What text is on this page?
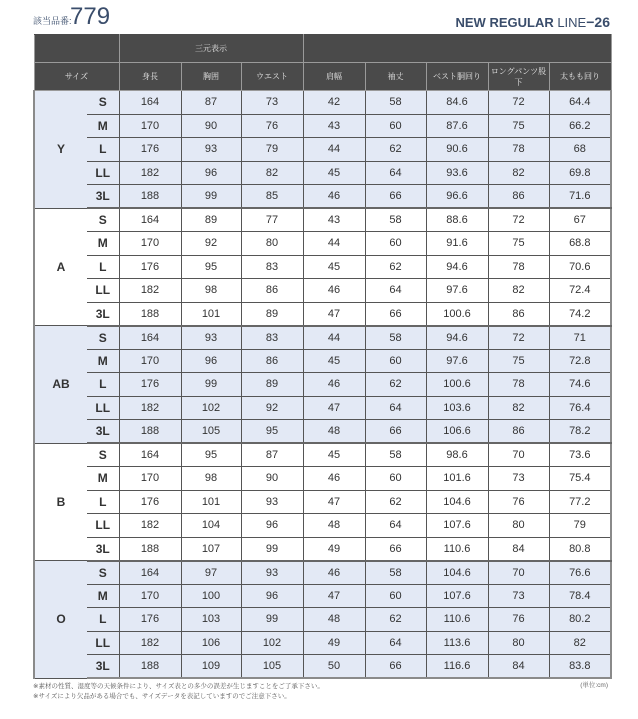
該当品番:
779	NEW REGULAR LINE−26
		三元表示							
サイズ		身長	胸囲	ウエスト	肩幅	袖丈	ベスト胴回り	ロングパンツ股下	太もも回り
Y	S	164	87	73	42	58	84.6	72	64.4
	M	170	90	76	43	60	87.6	75	66.2
	L	176	93	79	44	62	90.6	78	68
	LL	182	96	82	45	64	93.6	82	69.8
	3L	188	99	85	46	66	96.6	86	71.6
A	S	164	89	77	43	58	88.6	72	67
	M	170	92	80	44	60	91.6	75	68.8
	L	176	95	83	45	62	94.6	78	70.6
	LL	182	98	86	46	64	97.6	82	72.4
	3L	188	101	89	47	66	100.6	86	74.2
AB	S	164	93	83	44	58	94.6	72	71
	M	170	96	86	45	60	97.6	75	72.8
	L	176	99	89	46	62	100.6	78	74.6
	LL	182	102	92	47	64	103.6	82	76.4
	3L	188	105	95	48	66	106.6	86	78.2
B	S	164	95	87	45	58	98.6	70	73.6
	M	170	98	90	46	60	101.6	73	75.4
	L	176	101	93	47	62	104.6	76	77.2
	LL	182	104	96	48	64	107.6	80	79
	3L	188	107	99	49	66	110.6	84	80.8
O	S	164	97	93	46	58	104.6	70	76.6
	M	170	100	96	47	60	107.6	73	78.4
	L	176	103	99	48	62	110.6	76	80.2
	LL	182	106	102	49	64	113.6	80	82
	3L	188	109	105	50	66	116.6	84	83.8
※素材の性質、湿度等の天候条件により、サイズ表との多少の誤差が生じますことをご了承下さい。
※サイズにより欠品がある場合でも、サイズデータを表記していますのでご注意下さい。
(単位:cm)
